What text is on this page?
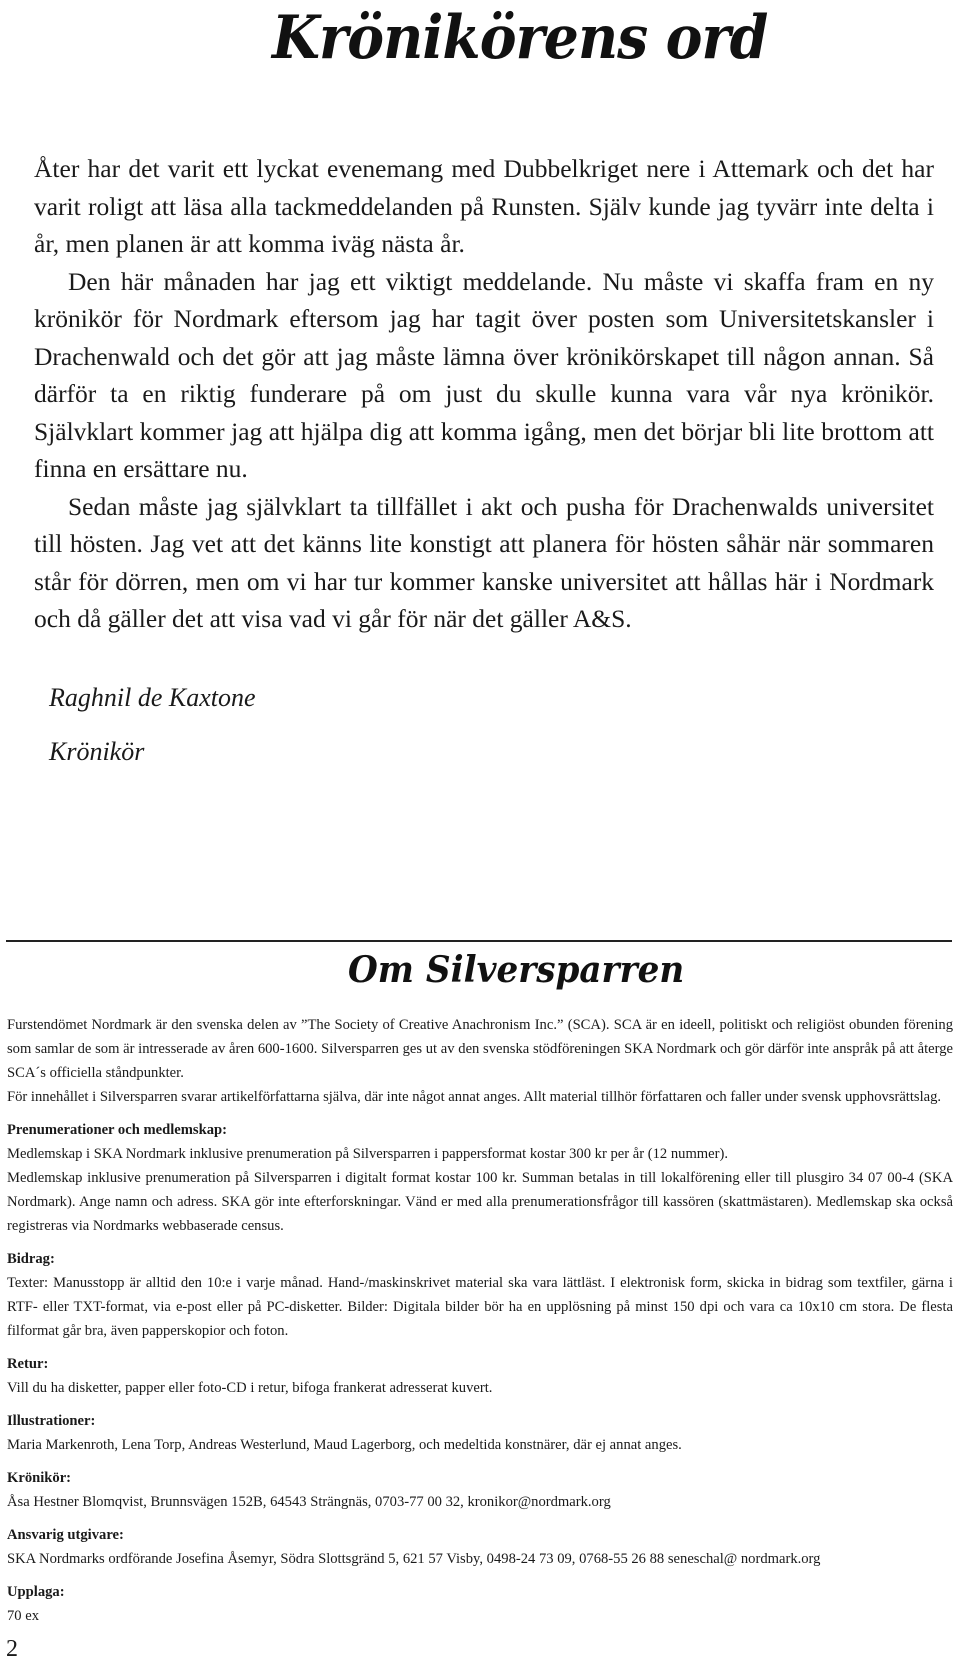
Krönikörens ord

Åter har det varit ett lyckat evenemang med Dubbelkriget nere i Attemark och det har varit roligt att läsa alla tackmeddelanden på Runsten. Själv kunde jag tyvärr inte delta i år, men planen är att komma iväg nästa år.

Den här månaden har jag ett viktigt meddelande. Nu måste vi skaffa fram en ny krönikör för Nordmark eftersom jag har tagit över posten som Universitetskansler i Drachenwald och det gör att jag måste lämna över krönikörskapet till någon annan. Så därför ta en riktig funderare på om just du skulle kunna vara vår nya krönikör. Självklart kommer jag att hjälpa dig att komma igång, men det börjar bli lite brottom att finna en ersättare nu.

Sedan måste jag självklart ta tillfället i akt och pusha för Drachenwalds universitet till hösten. Jag vet att det känns lite konstigt att planera för hösten såhär när sommaren står för dörren, men om vi har tur kommer kanske universitet att hållas här i Nordmark och då gäller det att visa vad vi går för när det gäller A&S.

Raghnil de Kaxtone
Krönikör
Om Silversparren

Furstendömet Nordmark är den svenska delen av ”The Society of Creative Anachronism Inc.” (SCA). SCA är en ideell, politiskt och religiöst obunden förening som samlar de som är intresserade av åren 600-1600. Silversparren ges ut av den svenska stödföreningen SKA Nordmark och gör därför inte anspråk på att återge SCA´s officiella ståndpunkter.

För innehållet i Silversparren svarar artikelförfattarna själva, där inte något annat anges. Allt material tillhör författaren och faller under svensk upphovsrättslag.

Prenumerationer och medlemskap:

Medlemskap i SKA Nordmark inklusive prenumeration på Silversparren i pappersformat kostar 300 kr per år (12 nummer).

Medlemskap inklusive prenumeration på Silversparren i digitalt format kostar 100 kr. Summan betalas in till lokalförening eller till plusgiro 34 07 00-4 (SKA Nordmark). Ange namn och adress. SKA gör inte efterforskningar. Vänd er med alla prenumerationsfrågor till kassören (skattmästaren). Medlemskap ska också registreras via Nordmarks webbaserade census.

Bidrag:

Texter: Manusstopp är alltid den 10:e i varje månad. Hand-/maskinskrivet material ska vara lättläst. I elektronisk form, skicka in bidrag som textfiler, gärna i RTF- eller TXT-format, via e-post eller på PC-disketter. Bilder: Digitala bilder bör ha en upplösning på minst 150 dpi och vara ca 10x10 cm stora. De flesta filformat går bra, även papperskopior och foton.

Retur:

Vill du ha disketter, papper eller foto-CD i retur, bifoga frankerat adresserat kuvert.

Illustrationer:

Maria Markenroth, Lena Torp, Andreas Westerlund, Maud Lagerborg, och medeltida konstnärer, där ej annat anges.

Krönikör:

Åsa Hestner Blomqvist, Brunnsvägen 152B, 64543 Strängnäs, 0703-77 00 32, kronikor@nordmark.org

Ansvarig utgivare:

SKA Nordmarks ordförande Josefina Åsemyr, Södra Slottsgränd 5, 621 57 Visby, 0498-24 73 09, 0768-55 26 88 seneschal@ nordmark.org

Upplaga:

70 ex

2
